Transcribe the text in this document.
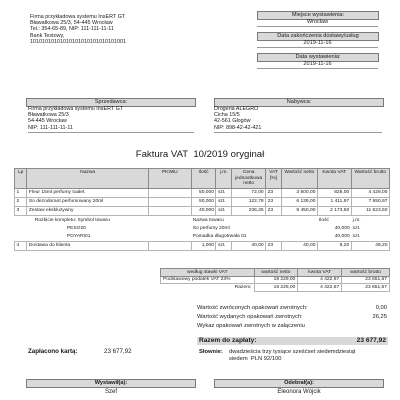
Firma przykładowa systemu InsERT GT
Bławatkowa 25/3, 54-445 Wrocław
Tel.: 354-65-89, NIP: 111-111-11-11
Bank Testowy,
10101010101010101010101010101001
Miejsce wystawienia:
Wrocław
Data zakończenia dostawy/usług
2019-11-16
Data wystawienia:
2019-11-16
Sprzedawca:
Firma przykładowa systemu InsERT GT
Bławatkowa 25/3
54-445 Wrocław
NIP: 111-111-11-11
Nabywca:
Drogeria ALEGRO
Cicha 15/5
42-561 Głogów
NIP: 898-42-42-421
Faktura VAT  10/2019 oryginał
Lp	Nazwa	PKWiU	Ilość	j.m.	Cena jednostkowa netto	VAT [%]	Wartość netto	Kwota VAT	Wartość brutto
1	Fleur 15ml perfumy toalet.		50,000	szt.	72,00	23	3 600,00	828,00	4 428,00
2	So dezodorant perfumowany 20ml		50,000	szt.	122,78	23	6 139,00	1 411,97	7 550,97
3	Zestaw ekskluzywny		40,000	szt.	236,25	23	9 450,00	2 173,50	11 623,50
	Rozbicie kompletu: Symbol towaru		Nazwa towaru					Ilość	j.m.
	PESO20		So perfumy 20ml					40,000	szt.
	POYARI01		Pomadka długotrwała 01					40,000	szt.
4	Dostawa do klienta		1,000	szt.	40,00	23	40,00	9,20	49,20
według stawki VAT	wartość netto	kwota VAT	wartość brutto
Podstawowy podatek VAT 23%	19 229,00	4 422,67	23 651,67
Razem:	19 229,00	4 422,67	23 651,67
Wartość zwróconych opakowań zwrotnych:	0,00
Wartość wydanych opakowań zwrotnych:	26,25
Wykaz opakowań zwrotnych w załączeniu
Zapłacono kartą:	23 677,92
Razem do zapłaty:	23 677,92
Słownie: dwadzieścia trzy tysiące sześćset siedemdziesiąt
siedem  PLN 92/100
Wystawił(a):
Szef
Odebrał(a):
Eleonora Wójcik
